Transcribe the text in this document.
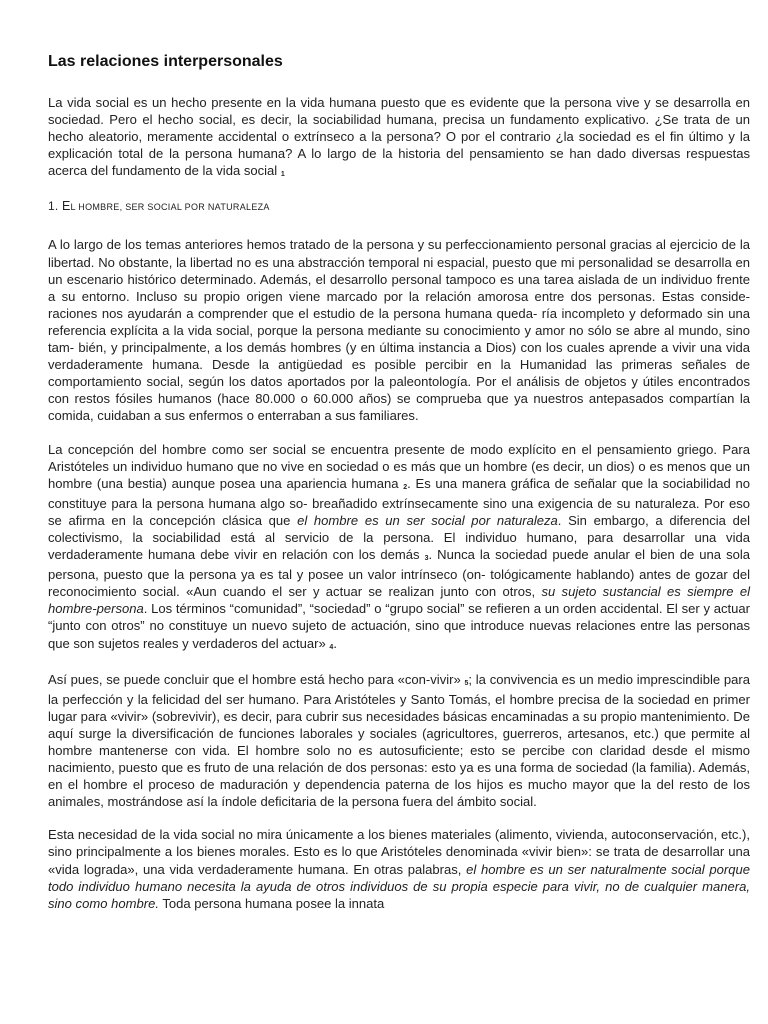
Las relaciones interpersonales

La vida social es un hecho presente en la vida humana puesto que es evidente que la persona vive y se desarrolla en sociedad. Pero el hecho social, es decir, la sociabilidad humana, precisa un fundamento explicativo. ¿Se trata de un hecho aleatorio, meramente accidental o extrínseco a la persona? O por el contrario ¿la sociedad es el fin último y la explicación total de la persona humana? A lo largo de la historia del pensamiento se han dado diversas respuestas acerca del fundamento de la vida social 1

1. EL HOMBRE, SER SOCIAL POR NATURALEZA

A lo largo de los temas anteriores hemos tratado de la persona y su perfeccionamiento personal gracias al ejercicio de la libertad. No obstante, la libertad no es una abstracción temporal ni espacial, puesto que mi personalidad se desarrolla en un escenario histórico determinado. Además, el desarrollo personal tampoco es una tarea aislada de un individuo frente a su entorno. Incluso su propio origen viene marcado por la relación amorosa entre dos personas. Estas conside- raciones nos ayudarán a comprender que el estudio de la persona humana queda- ría incompleto y deformado sin una referencia explícita a la vida social, porque la persona mediante su conocimiento y amor no sólo se abre al mundo, sino tam- bién, y principalmente, a los demás hombres (y en última instancia a Dios) con los cuales aprende a vivir una vida verdaderamente humana. Desde la antigüedad es posible percibir en la Humanidad las primeras señales de comportamiento social, según los datos aportados por la paleontología. Por el análisis de objetos y útiles encontrados con restos fósiles humanos (hace 80.000 o 60.000 años) se comprueba que ya nuestros antepasados compartían la comida, cuidaban a sus enfermos o enterraban a sus familiares.

La concepción del hombre como ser social se encuentra presente de modo explícito en el pensamiento griego. Para Aristóteles un individuo humano que no vive en sociedad o es más que un hombre (es decir, un dios) o es menos que un hombre (una bestia) aunque posea una apariencia humana 2. Es una manera gráfica de señalar que la sociabilidad no constituye para la persona humana algo so- breañadido extrínsecamente sino una exigencia de su naturaleza. Por eso se afirma en la concepción clásica que el hombre es un ser social por naturaleza. Sin embargo, a diferencia del colectivismo, la sociabilidad está al servicio de la persona. El individuo humano, para desarrollar una vida verdaderamente humana debe vivir en relación con los demás 3. Nunca la sociedad puede anular el bien de una sola persona, puesto que la persona ya es tal y posee un valor intrínseco (on- tológicamente hablando) antes de gozar del reconocimiento social. «Aun cuando el ser y actuar se realizan junto con otros, su sujeto sustancial es siempre el hombre-persona. Los términos “comunidad”, “sociedad” o “grupo social” se refieren a un orden accidental. El ser y actuar “junto con otros” no constituye un nuevo sujeto de actuación, sino que introduce nuevas relaciones entre las personas que son sujetos reales y verdaderos del actuar» 4.

Así pues, se puede concluir que el hombre está hecho para «con-vivir» 5; la convivencia es un medio imprescindible para la perfección y la felicidad del ser humano. Para Aristóteles y Santo Tomás, el hombre precisa de la sociedad en primer lugar para «vivir» (sobrevivir), es decir, para cubrir sus necesidades básicas encaminadas a su propio mantenimiento. De aquí surge la diversificación de funciones laborales y sociales (agricultores, guerreros, artesanos, etc.) que permite al hombre mantenerse con vida. El hombre solo no es autosuficiente; esto se percibe con claridad desde el mismo nacimiento, puesto que es fruto de una relación de dos personas: esto ya es una forma de sociedad (la familia). Además, en el hombre el proceso de maduración y dependencia paterna de los hijos es mucho mayor que la del resto de los animales, mostrándose así la índole deficitaria de la persona fuera del ámbito social.

Esta necesidad de la vida social no mira únicamente a los bienes materiales (alimento, vivienda, autoconservación, etc.), sino principalmente a los bienes morales. Esto es lo que Aristóteles denominada «vivir bien»: se trata de desarrollar una «vida lograda», una vida verdaderamente humana. En otras palabras, el hombre es un ser naturalmente social porque todo individuo humano necesita la ayuda de otros individuos de su propia especie para vivir, no de cualquier manera, sino como hombre. Toda persona humana posee la innata
